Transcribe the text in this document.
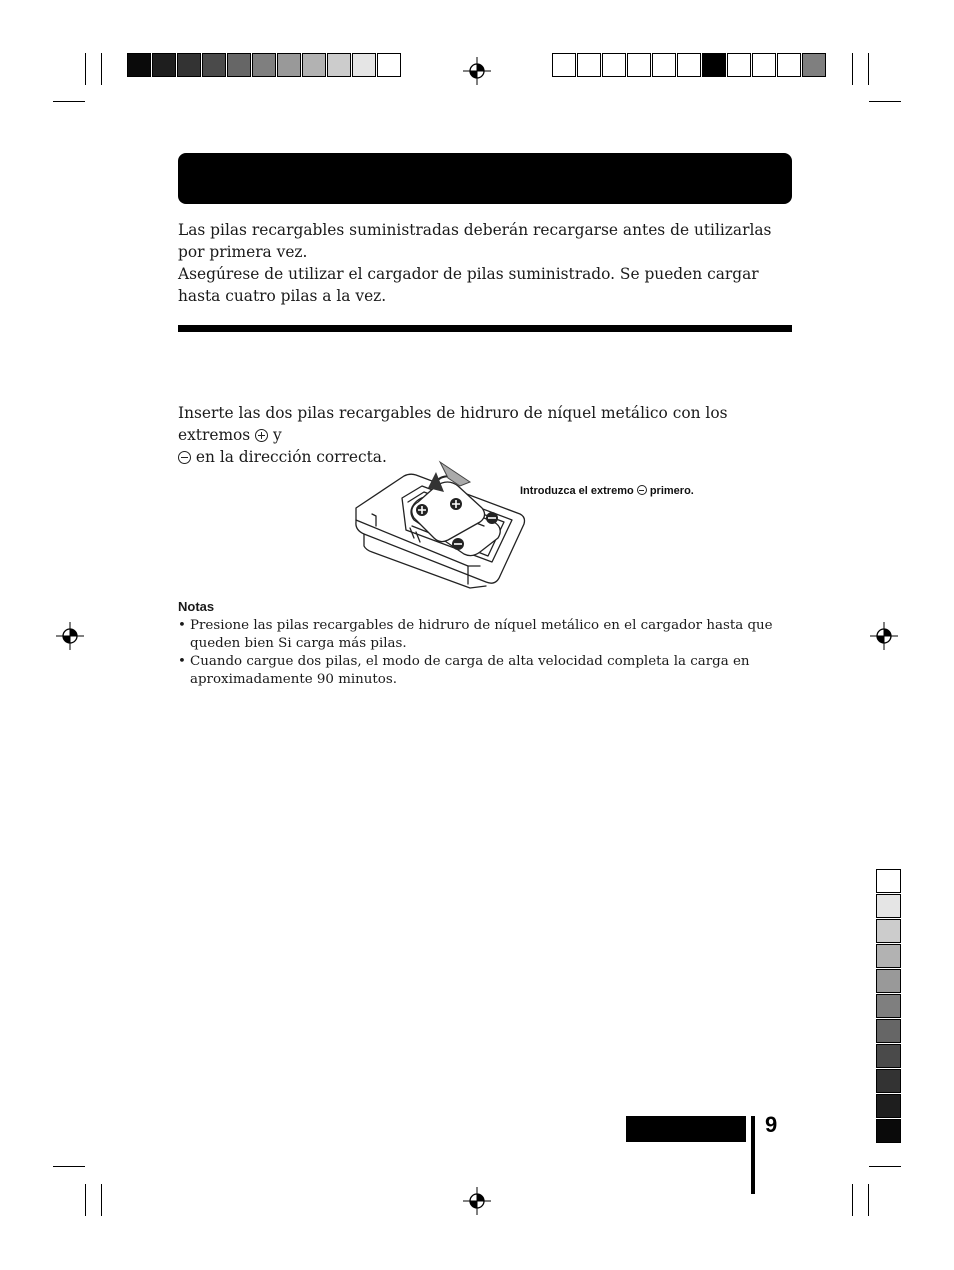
Las pilas recargables suministradas deberán recargarse antes de utilizarlas por primera vez.
Asegúrese de utilizar el cargador de pilas suministrado. Se pueden cargar hasta cuatro pilas a la vez.
Inserte las dos pilas recargables de hidruro de níquel metálico con los extremos y
en la dirección correcta.
Introduzca el extremo primero.
Notas
• Presione las pilas recargables de hidruro de níquel metálico en el cargador hasta que queden bien Si carga más pilas.
• Cuando cargue dos pilas, el modo de carga de alta velocidad completa la carga en aproximadamente 90 minutos.
9
